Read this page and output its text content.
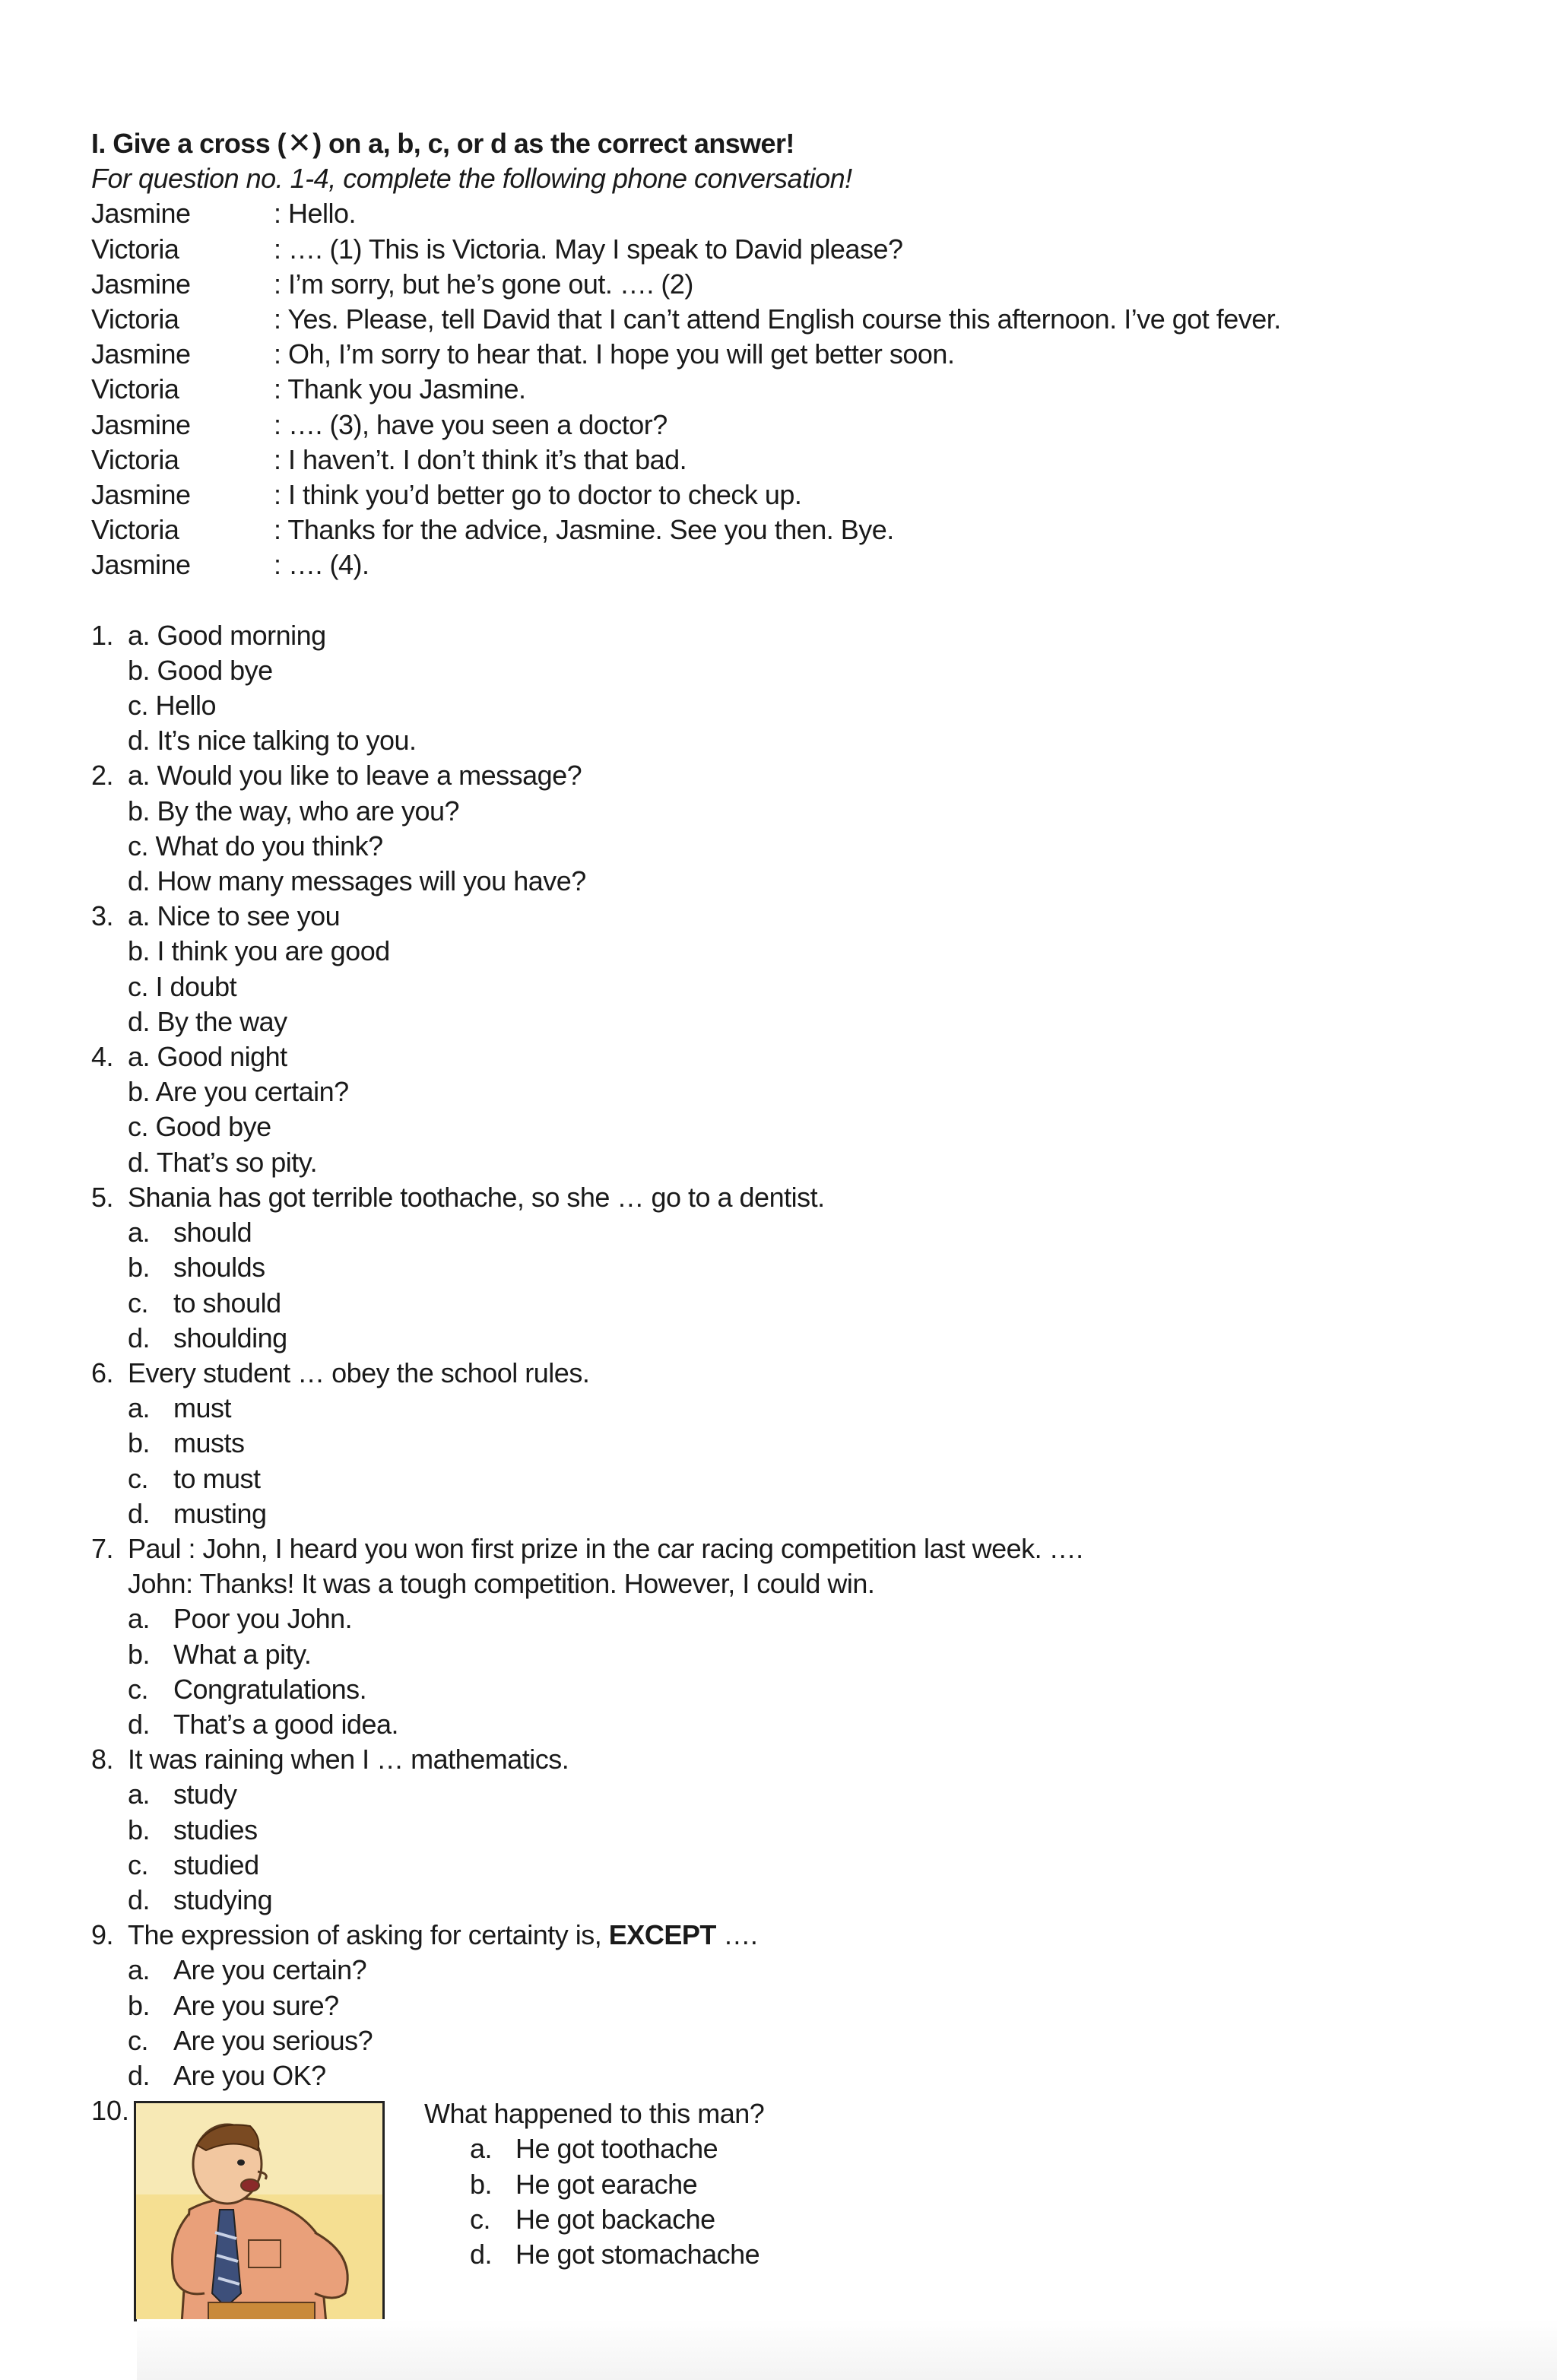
I. Give a cross (✕) on a, b, c, or d as the correct answer!
For question no. 1-4, complete the following phone conversation!
Jasmine	: Hello.
Victoria	: …. (1) This is Victoria. May I speak to David please?
Jasmine	: I’m sorry, but he’s gone out. …. (2)
Victoria	: Yes. Please, tell David that I can’t attend English course this afternoon. I’ve got fever.
Jasmine	: Oh, I’m sorry to hear that. I hope you will get better soon.
Victoria	: Thank you Jasmine.
Jasmine	: …. (3), have you seen a doctor?
Victoria	: I haven’t. I don’t think it’s that bad.
Jasmine	: I think you’d better go to doctor to check up.
Victoria	: Thanks for the advice, Jasmine. See you then. Bye.
Jasmine	: …. (4).
1. a. Good morning
b. Good bye
c. Hello
d. It’s nice talking to you.
2. a. Would you like to leave a message?
b. By the way, who are you?
c. What do you think?
d. How many messages will you have?
3. a. Nice to see you
b. I think you are good
c. I doubt
d. By the way
4. a. Good night
b. Are you certain?
c. Good bye
d. That’s so pity.
5. Shania has got terrible toothache, so she … go to a dentist.
a. should
b. shoulds
c. to should
d. shoulding
6. Every student … obey the school rules.
a. must
b. musts
c. to must
d. musting
7. Paul : John, I heard you won first prize in the car racing competition last week. ….
John: Thanks! It was a tough competition. However, I could win.
a. Poor you John.
b. What a pity.
c. Congratulations.
d. That’s a good idea.
8. It was raining when I … mathematics.
a. study
b. studies
c. studied
d. studying
9. The expression of asking for certainty is, EXCEPT ….
a. Are you certain?
b. Are you sure?
c. Are you serious?
d. Are you OK?
10.	What happened to this man?
a. He got toothache
b. He got earache
c. He got backache
d. He got stomachache
